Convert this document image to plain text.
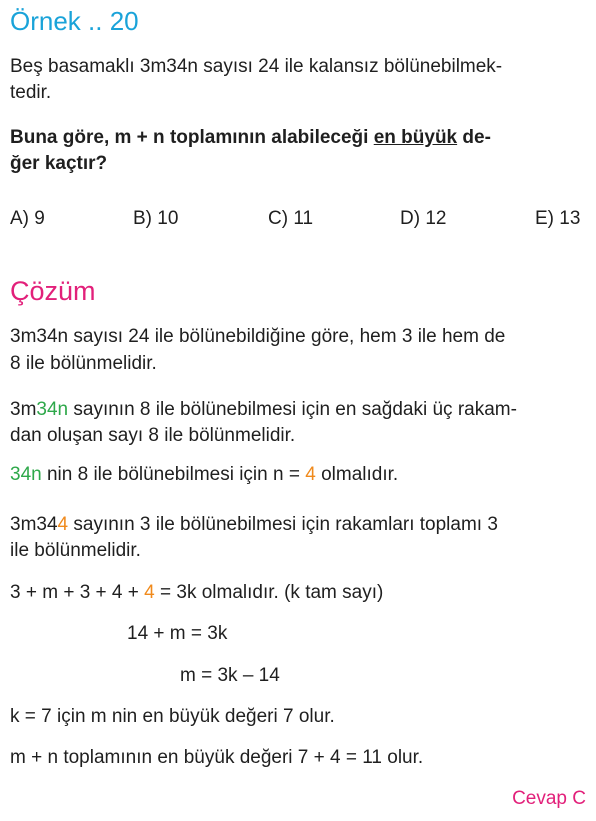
Örnek .. 20
Beş basamaklı 3m34n sayısı 24 ile kalansız bölünebilmek-
tedir.
Buna göre, m + n toplamının alabileceği en büyük de-
ğer kaçtır?
A) 9	B) 10	C) 11	D) 12	E) 13
Çözüm
3m34n sayısı 24 ile bölünebildiğine göre, hem 3 ile hem de
8 ile bölünmelidir.
3m34n sayının 8 ile bölünebilmesi için en sağdaki üç rakam-
dan oluşan sayı 8 ile bölünmelidir.
34n nin 8 ile bölünebilmesi için n = 4 olmalıdır.
3m344 sayının 3 ile bölünebilmesi için rakamları toplamı 3
ile bölünmelidir.
3 + m + 3 + 4 + 4 = 3k olmalıdır. (k tam sayı)
14 + m = 3k
m = 3k – 14
k = 7 için m nin en büyük değeri 7 olur.
m + n toplamının en büyük değeri 7 + 4 = 11 olur.
Cevap C
